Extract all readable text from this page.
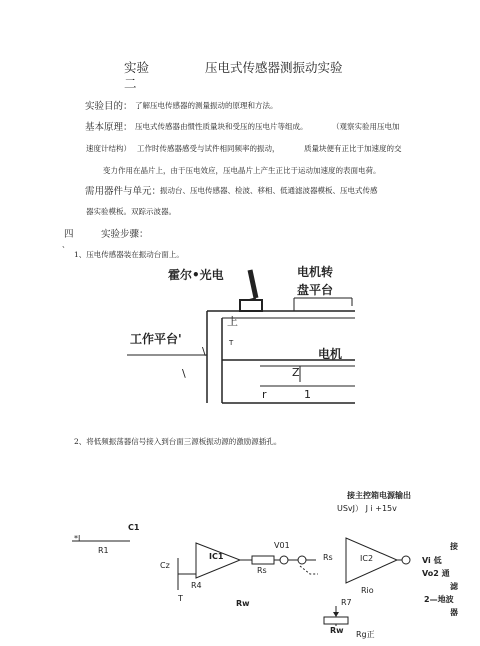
实验	压电式传感器测振动实验
二
实验目的： 了解压电传感器的测量振动的原理和方法。
基本原理： 压电式传感器由惯性质量块和受压的压电片等组成。	（观察实验用压电加
速度计结构） 工作时传感器感受与试件相同频率的振动，	质量块便有正比于加速度的交
变力作用在晶片上，由于压电效应，压电晶片上产生正比于运动加速度的表面电荷。
需用器件与单元：
振动台、压电传感器、检波、移相、低通滤波器模板、压电式传感
器实验模板。双踪示波器。
四	实验步骤：
、
1、压电传感器装在振动台面上。
霍尔•光电	电机转
盘平台
上
T
工作平台'
\
\
电机
Z
r	1
2、将低频振荡器信号接入到台面三源板振动源的激励源插孔。
接主控箱电源输出
USvJ） J i +15v
C1
*I
R1
Cz
R4
T
IC1
V01
Rs
Rs	IC2
接
Vi 低
Vo2 通
滤
2—地波
器
Rw	R7
Rio
Rw Rg正
